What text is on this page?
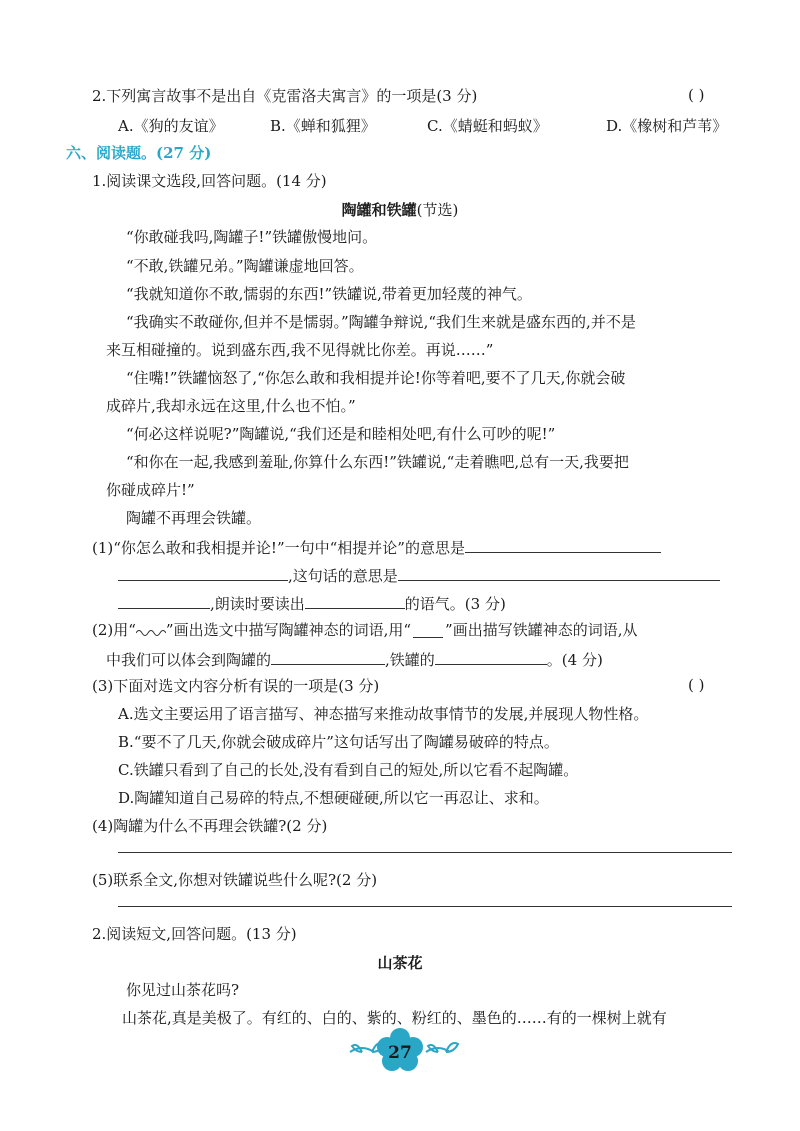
2.下列寓言故事不是出自《克雷洛夫寓言》的一项是(3 分)	( )
A.《狗的友谊》	B.《蝉和狐狸》	C.《蜻蜓和蚂蚁》	D.《橡树和芦苇》
六、阅读题。(27 分)
1.阅读课文选段,回答问题。(14 分)
陶罐和铁罐(节选)
“你敢碰我吗,陶罐子!”铁罐傲慢地问。
“不敢,铁罐兄弟。”陶罐谦虚地回答。
“我就知道你不敢,懦弱的东西!”铁罐说,带着更加轻蔑的神气。
“我确实不敢碰你,但并不是懦弱。”陶罐争辩说,“我们生来就是盛东西的,并不是
来互相碰撞的。说到盛东西,我不见得就比你差。再说……”
“住嘴!”铁罐恼怒了,“你怎么敢和我相提并论!你等着吧,要不了几天,你就会破
成碎片,我却永远在这里,什么也不怕。”
“何必这样说呢?”陶罐说,“我们还是和睦相处吧,有什么可吵的呢!”
“和你在一起,我感到羞耻,你算什么东西!”铁罐说,“走着瞧吧,总有一天,我要把
你碰成碎片!”
陶罐不再理会铁罐。
(1)“你怎么敢和我相提并论!”一句中“相提并论”的意思是
,这句话的意思是
,朗读时要读出	的语气。(3 分)
(2)用“ ”画出选文中描写陶罐神态的词语,用“ ”画出描写铁罐神态的词语,从
中我们可以体会到陶罐的	,铁罐的	。(4 分)
(3)下面对选文内容分析有误的一项是(3 分)	( )
A.选文主要运用了语言描写、神态描写来推动故事情节的发展,并展现人物性格。
B.“要不了几天,你就会破成碎片”这句话写出了陶罐易破碎的特点。
C.铁罐只看到了自己的长处,没有看到自己的短处,所以它看不起陶罐。
D.陶罐知道自己易碎的特点,不想硬碰硬,所以它一再忍让、求和。
(4)陶罐为什么不再理会铁罐?(2 分)
(5)联系全文,你想对铁罐说些什么呢?(2 分)
2.阅读短文,回答问题。(13 分)
山茶花
你见过山茶花吗?
山茶花,真是美极了。有红的、白的、紫的、粉红的、墨色的……有的一棵树上就有
27
